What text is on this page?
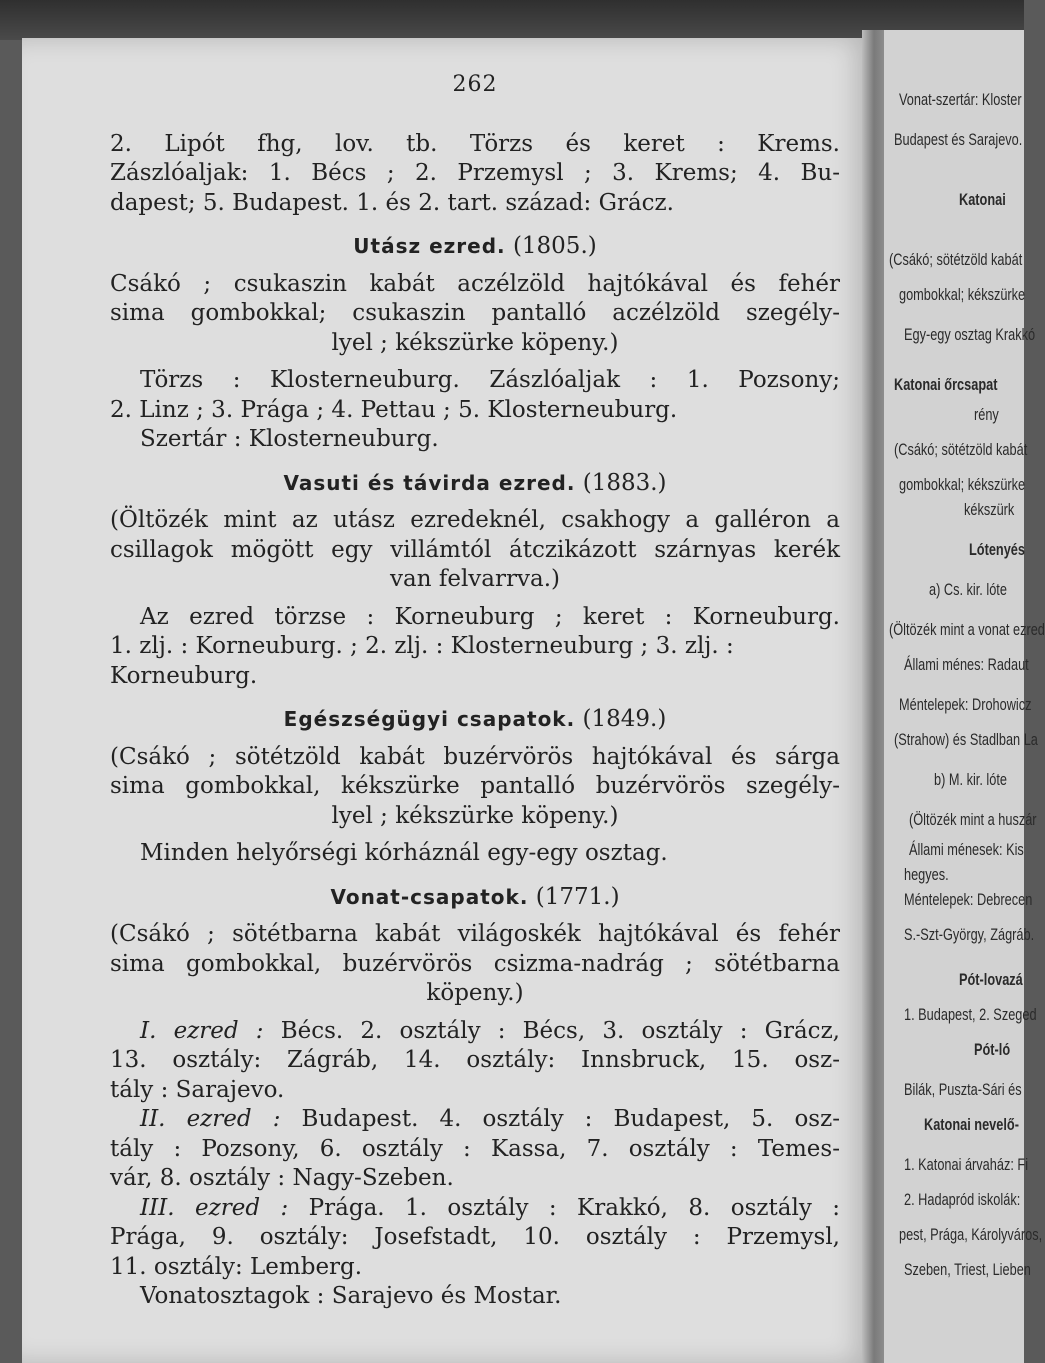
Vonat-szertár: Kloster
Budapest és Sarajevo.
Katonai
(Csákó; sötétzöld kabát
gombokkal; kékszürke
Egy-egy osztag Krakkó
Katonai őrcsapat
rény
(Csákó; sötétzöld kabát
gombokkal; kékszürke
kékszürk
Lótenyés
a) Cs. kir. lóte
(Öltözék mint a vonat ezred
Állami ménes: Radaut
Méntelepek: Drohowicz
(Strahow) és Stadlban La
b) M. kir. lóte
(Öltözék mint a huszár
Állami ménesek: Kis
hegyes.
Méntelepek: Debrecen
S.-Szt-György, Zágráb.
Pót-lovazá
1. Budapest, 2. Szeged
Pót-ló
Bilák, Puszta-Sári és
Katonai nevelő-
1. Katonai árvaház: Fi
2. Hadapród iskolák:
pest, Prága, Károlyváros,
Szeben, Triest, Lieben
262
2. Lipót fhg, lov. tb. Törzs és keret : Krems.
Zászlóaljak: 1. Bécs ; 2. Przemysl ; 3. Krems; 4. Bu-
dapest; 5. Budapest. 1. és 2. tart. század: Grácz.
Utász ezred. (1805.)
Csákó ; csukaszin kabát aczélzöld hajtókával és fehér
sima gombokkal; csukaszin pantalló aczélzöld szegély-
lyel ; kékszürke köpeny.)
Törzs : Klosterneuburg. Zászlóaljak : 1. Pozsony;
2. Linz ; 3. Prága ; 4. Pettau ; 5. Klosterneuburg.
Szertár : Klosterneuburg.
Vasuti és távirda ezred. (1883.)
(Öltözék mint az utász ezredeknél, csakhogy a galléron a
csillagok mögött egy villámtól átczikázott szárnyas kerék
van felvarrva.)
Az ezred törzse : Korneuburg ; keret : Korneuburg.
1. zlj. : Korneuburg. ; 2. zlj. : Klosterneuburg ; 3. zlj. :
Korneuburg.
Egészségügyi csapatok. (1849.)
(Csákó ; sötétzöld kabát buzérvörös hajtókával és sárga
sima gombokkal, kékszürke pantalló buzérvörös szegély-
lyel ; kékszürke köpeny.)
Minden helyőrségi kórháznál egy-egy osztag.
Vonat-csapatok. (1771.)
(Csákó ; sötétbarna kabát világoskék hajtókával és fehér
sima gombokkal, buzérvörös csizma-nadrág ; sötétbarna
köpeny.)
I. ezred : Bécs. 2. osztály : Bécs, 3. osztály : Grácz,
13. osztály: Zágráb, 14. osztály: Innsbruck, 15. osz-
tály : Sarajevo.
II. ezred : Budapest. 4. osztály : Budapest, 5. osz-
tály : Pozsony, 6. osztály : Kassa, 7. osztály : Temes-
vár, 8. osztály : Nagy-Szeben.
III. ezred : Prága. 1. osztály : Krakkó, 8. osztály :
Prága, 9. osztály: Josefstadt, 10. osztály : Przemysl,
11. osztály: Lemberg.
Vonatosztagok : Sarajevo és Mostar.
